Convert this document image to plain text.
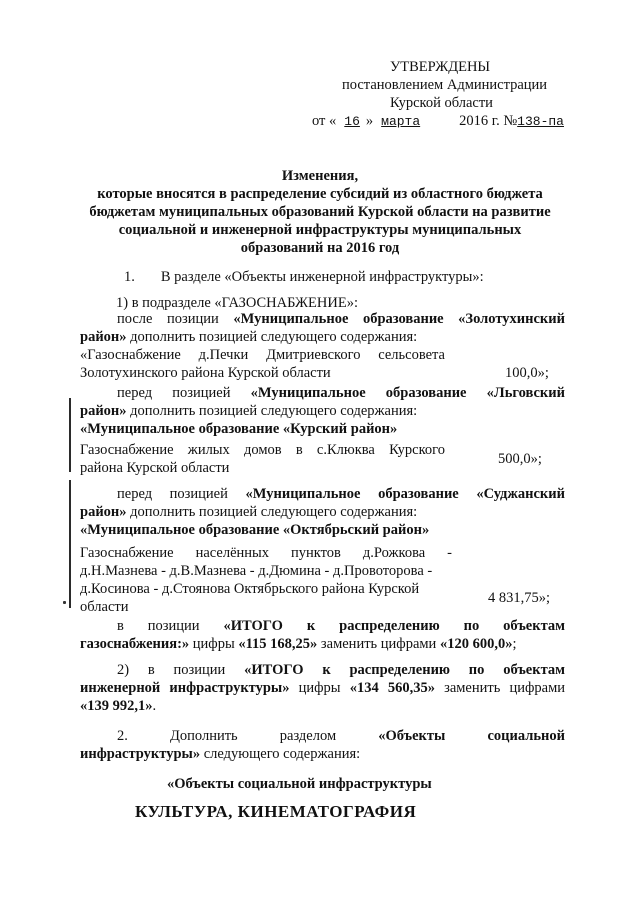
УТВЕРЖДЕНЫ
постановлением Администрации
Курской области
от « 16 » марта	2016 г. №138-па
Изменения,
которые вносятся в распределение субсидий из областного бюджета
бюджетам муниципальных образований Курской области на развитие
социальной и инженерной инфраструктуры муниципальных
образований на 2016 год
1. В разделе «Объекты инженерной инфраструктуры»:
1) в подразделе «ГАЗОСНАБЖЕНИЕ»:
после позиции «Муниципальное образование «Золотухинский
район» дополнить позицией следующего содержания:
«Газоснабжение д.Печки Дмитриевского сельсовета
Золотухинского района Курской области	100,0»;
перед позицией «Муниципальное образование «Льговский
район» дополнить позицией следующего содержания:
«Муниципальное образование «Курский район»
Газоснабжение жилых домов в с.Клюква Курского
района Курской области
500,0»;
перед позицией «Муниципальное образование «Суджанский
район» дополнить позицией следующего содержания:
«Муниципальное образование «Октябрьский район»
Газоснабжение населённых пунктов д.Рожкова -
д.Н.Мазнева - д.В.Мазнева - д.Дюмина - д.Провоторова -
д.Косинова - д.Стоянова Октябрьского района Курской
области
4 831,75»;
в позиции «ИТОГО к распределению по объектам
газоснабжения:» цифры «115 168,25» заменить цифрами «120 600,0»;
2) в позиции «ИТОГО к распределению по объектам
инженерной инфраструктуры» цифры «134 560,35» заменить цифрами
«139 992,1».
2. Дополнить разделом «Объекты социальной
инфраструктуры» следующего содержания:
«Объекты социальной инфраструктуры
КУЛЬТУРА, КИНЕМАТОГРАФИЯ
